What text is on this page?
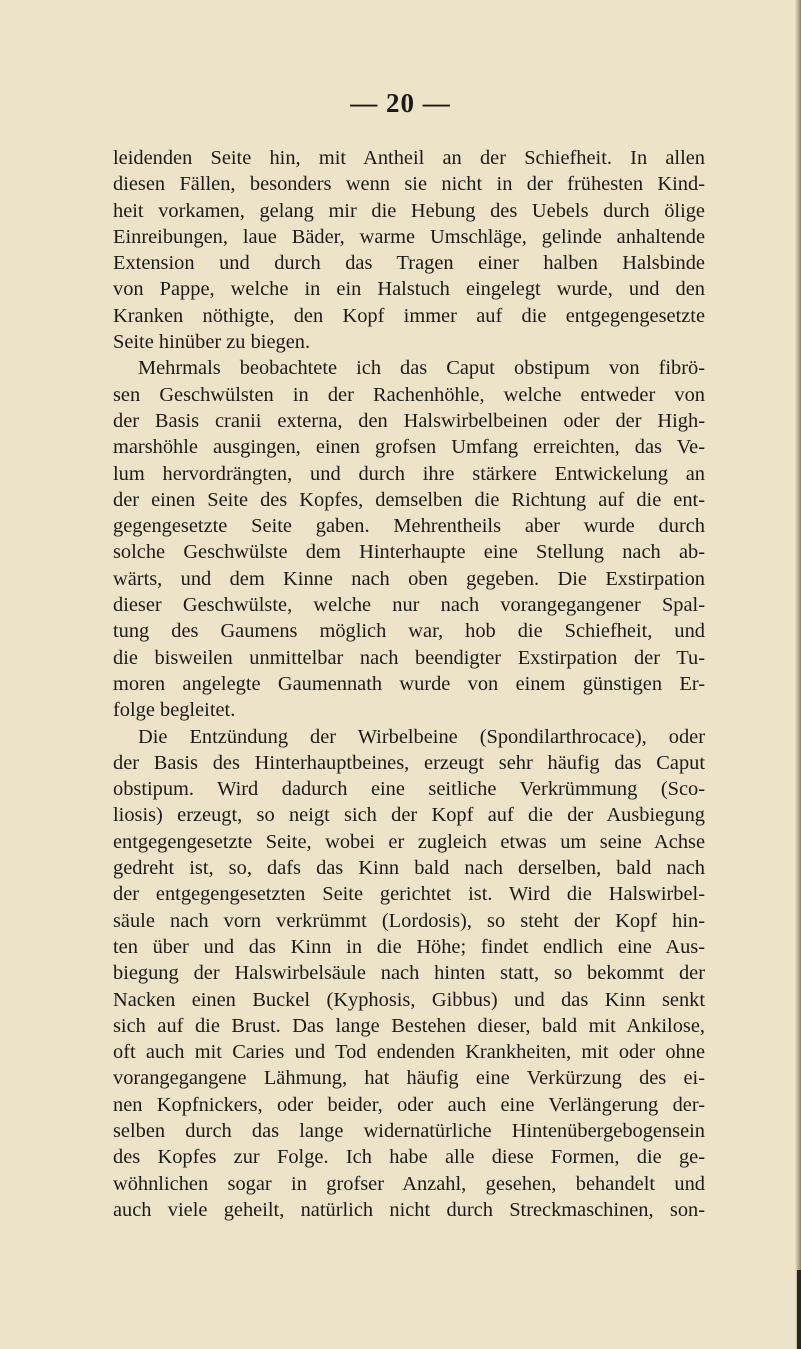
— 20 —
leidenden Seite hin, mit Antheil an der Schiefheit. In allen
diesen Fällen, besonders wenn sie nicht in der frühesten Kind-
heit vorkamen, gelang mir die Hebung des Uebels durch ölige
Einreibungen, laue Bäder, warme Umschläge, gelinde anhaltende
Extension und durch das Tragen einer halben Halsbinde
von Pappe, welche in ein Halstuch eingelegt wurde, und den
Kranken nöthigte, den Kopf immer auf die entgegengesetzte
Seite hinüber zu biegen.
Mehrmals beobachtete ich das Caput obstipum von fibrö-
sen Geschwülsten in der Rachenhöhle, welche entweder von
der Basis cranii externa, den Halswirbelbeinen oder der High-
marshöhle ausgingen, einen grofsen Umfang erreichten, das Ve-
lum hervordrängten, und durch ihre stärkere Entwickelung an
der einen Seite des Kopfes, demselben die Richtung auf die ent-
gegengesetzte Seite gaben. Mehrentheils aber wurde durch
solche Geschwülste dem Hinterhaupte eine Stellung nach ab-
wärts, und dem Kinne nach oben gegeben. Die Exstirpation
dieser Geschwülste, welche nur nach vorangegangener Spal-
tung des Gaumens möglich war, hob die Schiefheit, und
die bisweilen unmittelbar nach beendigter Exstirpation der Tu-
moren angelegte Gaumennath wurde von einem günstigen Er-
folge begleitet.
Die Entzündung der Wirbelbeine (Spondilarthrocace), oder
der Basis des Hinterhauptbeines, erzeugt sehr häufig das Caput
obstipum. Wird dadurch eine seitliche Verkrümmung (Sco-
liosis) erzeugt, so neigt sich der Kopf auf die der Ausbiegung
entgegengesetzte Seite, wobei er zugleich etwas um seine Achse
gedreht ist, so, dafs das Kinn bald nach derselben, bald nach
der entgegengesetzten Seite gerichtet ist. Wird die Halswirbel-
säule nach vorn verkrümmt (Lordosis), so steht der Kopf hin-
ten über und das Kinn in die Höhe; findet endlich eine Aus-
biegung der Halswirbelsäule nach hinten statt, so bekommt der
Nacken einen Buckel (Kyphosis, Gibbus) und das Kinn senkt
sich auf die Brust. Das lange Bestehen dieser, bald mit Ankilose,
oft auch mit Caries und Tod endenden Krankheiten, mit oder ohne
vorangegangene Lähmung, hat häufig eine Verkürzung des ei-
nen Kopfnickers, oder beider, oder auch eine Verlängerung der-
selben durch das lange widernatürliche Hintenübergebogensein
des Kopfes zur Folge. Ich habe alle diese Formen, die ge-
wöhnlichen sogar in grofser Anzahl, gesehen, behandelt und
auch viele geheilt, natürlich nicht durch Streckmaschinen, son-
